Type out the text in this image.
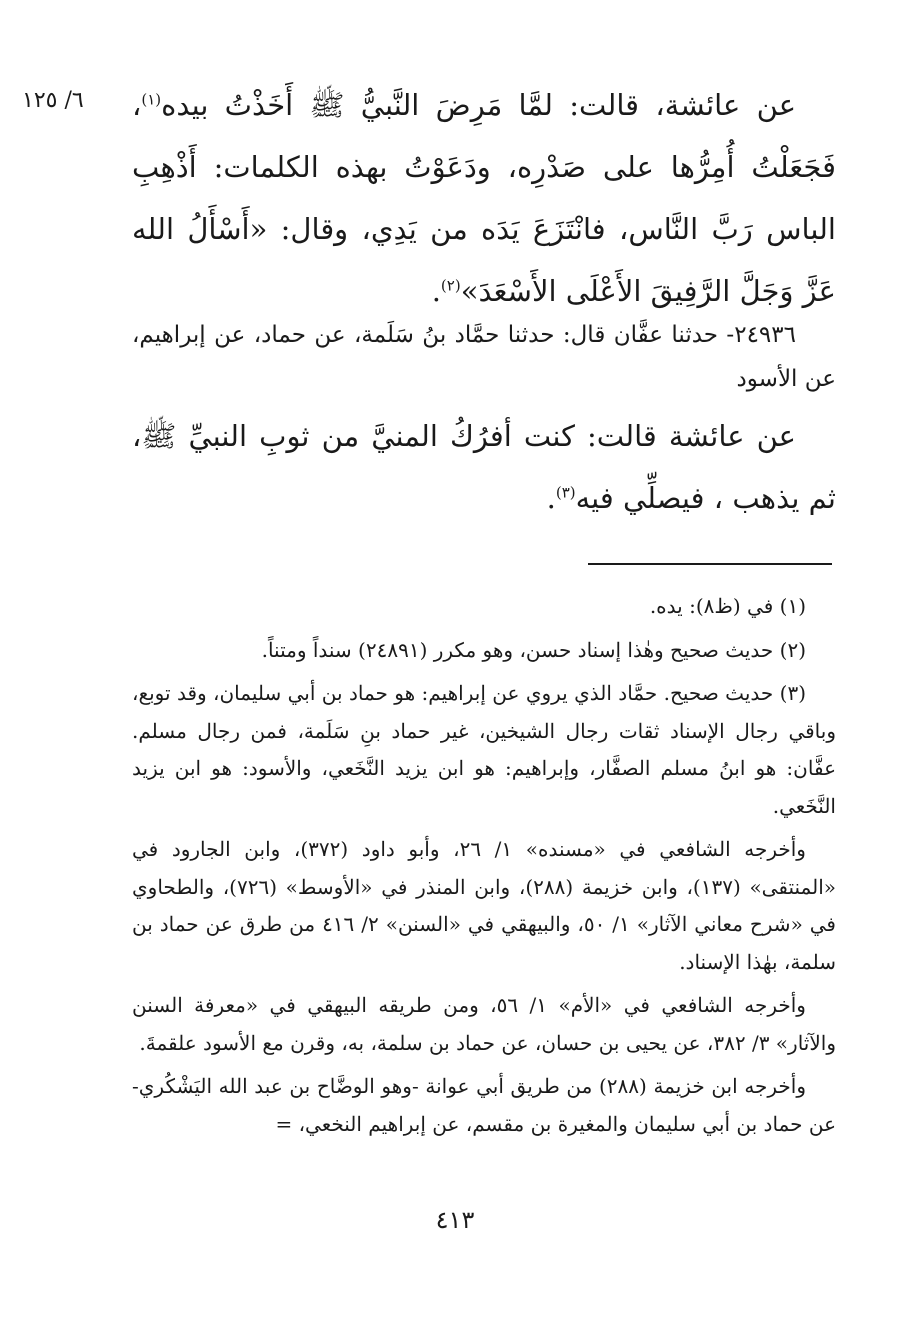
٦/ ١٢٥	عن عائشة، قالت: لمَّا مَرِضَ النَّبيُّ ﷺ أَخَذْتُ بيده$^{(١)}$، فَجَعَلْتُ أُمِرُّها على صَدْرِه، ودَعَوْتُ بهذه الكلمات: أَذْهِبِ الباس رَبَّ النَّاس، فانْتَزَعَ يَدَه من يَدِي، وقال: «أَسْأَلُ الله عَزَّ وَجَلَّ الرَّفِيقَ الأَعْلَى الأَسْعَدَ»$^{(٢)}$.

٢٤٩٣٦- حدثنا عفَّان قال: حدثنا حمَّاد بنُ سَلَمة، عن حماد، عن إبراهيم، عن الأسود

عن عائشة قالت: كنت أفرُكُ المنيَّ من ثوبِ النبيِّ ﷺ، ثم يذهب ، فيصلِّي فيه$^{(٣)}$.

(١) في (ظ٨): يده.

(٢) حديث صحيح وهٰذا إسناد حسن، وهو مكرر (٢٤٨٩١) سنداً ومتناً.

(٣) حديث صحيح. حمَّاد الذي يروي عن إبراهيم: هو حماد بن أبي سليمان، وقد توبع، وباقي رجال الإسناد ثقات رجال الشيخين، غير حماد بنِ سَلَمة، فمن رجال مسلم. عفَّان: هو ابنُ مسلم الصفَّار، وإبراهيم: هو ابن يزيد النَّخَعي، والأسود: هو ابن يزيد النَّخَعي.

وأخرجه الشافعي في «مسنده» ١/ ٢٦، وأبو داود (٣٧٢)، وابن الجارود في «المنتقى» (١٣٧)، وابن خزيمة (٢٨٨)، وابن المنذر في «الأوسط» (٧٢٦)، والطحاوي في «شرح معاني الآثار» ١/ ٥٠، والبيهقي في «السنن» ٢/ ٤١٦ من طرق عن حماد بن سلمة، بهٰذا الإسناد.

وأخرجه الشافعي في «الأم» ١/ ٥٦، ومن طريقه البيهقي في «معرفة السنن والآثار» ٣/ ٣٨٢، عن يحيى بن حسان، عن حماد بن سلمة، به، وقرن مع الأسود علقمةَ.

وأخرجه ابن خزيمة (٢٨٨) من طريق أبي عوانة -وهو الوضَّاح بن عبد الله اليَشْكُري- عن حماد بن أبي سليمان والمغيرة بن مقسم، عن إبراهيم النخعي، =

٤١٣
